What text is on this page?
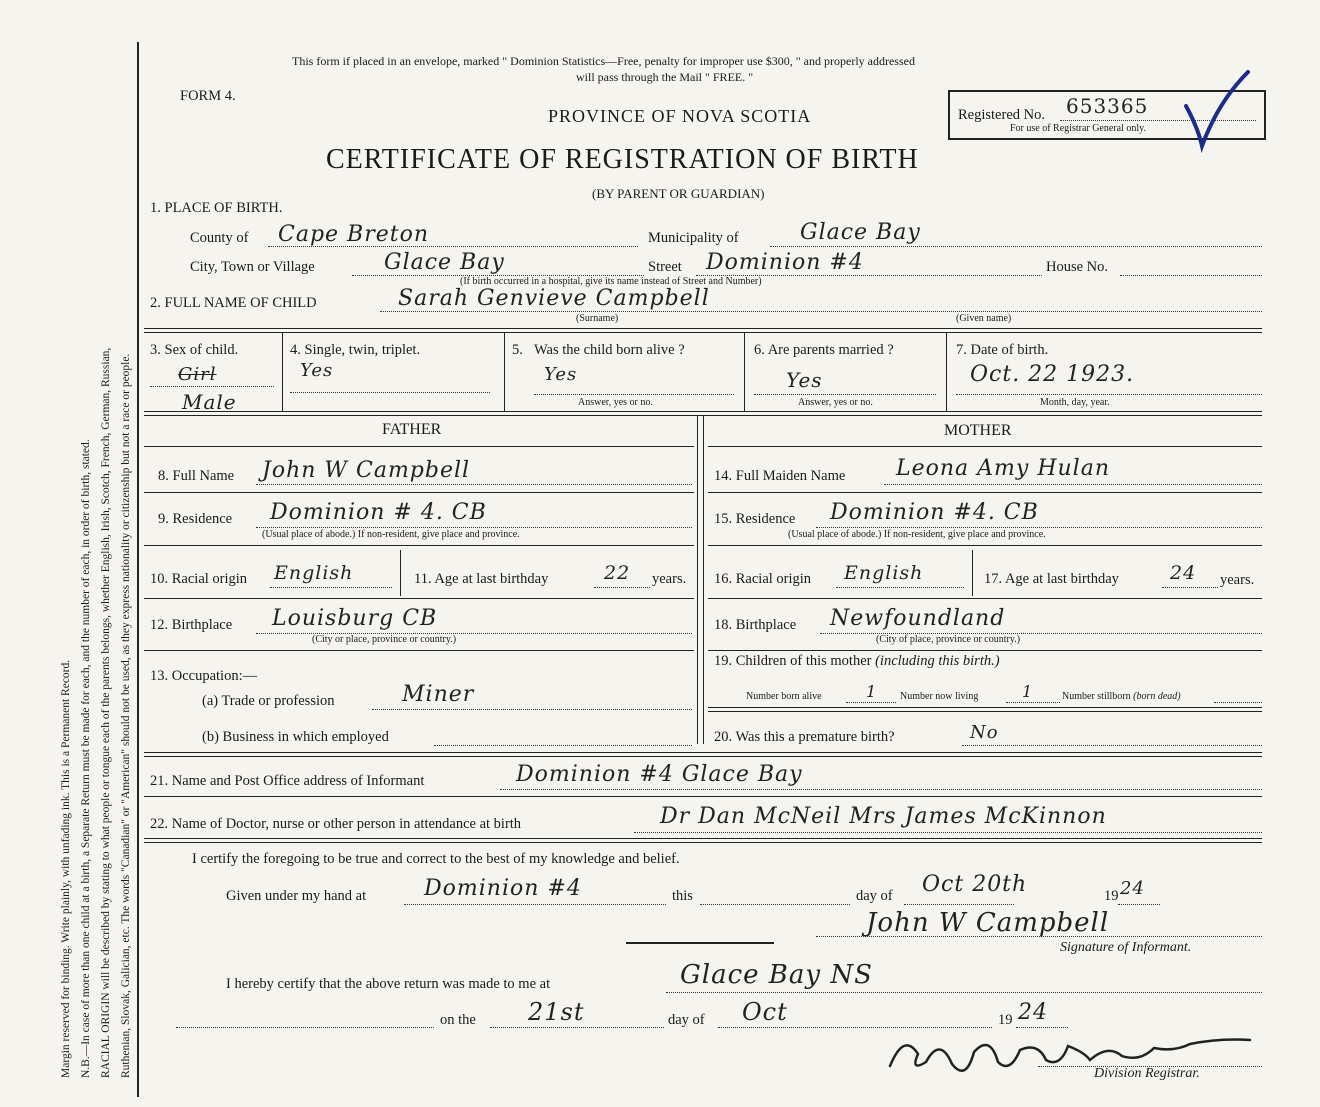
Margin reserved for binding. Write plainly, with unfading ink. This is a Permanent Record. N.B.—In case of more than one child at a birth, a Separate Return must be made for each, and the number of each, in order of birth, stated. RACIAL ORIGIN will be described by stating to what people or tongue each of the parents belongs, whether English, Irish, Scotch, French, German, Russian, Ruthenian, Slovak, Galician, etc. The words "Canadian" or "American" should not be used, as they express nationality or citizenship but not a race or people.
This form if placed in an envelope, marked " Dominion Statistics—Free, penalty for improper use $300, " and properly addressed
will pass through the Mail " FREE. "
FORM 4.
PROVINCE OF NOVA SCOTIA
CERTIFICATE OF REGISTRATION OF BIRTH
(BY PARENT OR GUARDIAN)
Registered No. 653365
For use of Registrar General only.
1. PLACE OF BIRTH.
County of Cape Breton	Municipality of	Glace Bay
City, Town or Village	Glace Bay	Street Dominion #4	House No.
(If birth occurred in a hospital, give its name instead of Street and Number)
2. FULL NAME OF CHILD	Sarah Genvieve Campbell
(Surname)	(Given name)
3. Sex of child.
Girl
Male
4. Single, twin, triplet.
Yes
5. Was the child born alive ?
Yes
Answer, yes or no.
6. Are parents married ?
Yes
Answer, yes or no.
7. Date of birth.
Oct. 22 1923.
Month, day, year.
FATHER	MOTHER
8. Full Name John W Campbell	14. Full Maiden Name Leona Amy Hulan
9. Residence Dominion # 4. CB
(Usual place of abode.) If non-resident, give place and province.
15. Residence Dominion #4. CB
(Usual place of abode.) If non-resident, give place and province.
10. Racial origin English	11. Age at last birthday	22 years. 16. Racial origin English	17. Age at last birthday	24 years.
12. Birthplace Louisburg CB
(City or place, province or country.)
18. Birthplace Newfoundland
(City of place, province or country.)
13. Occupation:—
(a) Trade or profession	Miner
(b) Business in which employed
19. Children of this mother (including this birth.)
Number born alive	1 Number now living	1	Number stillborn (born dead)
20. Was this a premature birth?	No
21. Name and Post Office address of Informant	Dominion #4 Glace Bay
22. Name of Doctor, nurse or other person in attendance at birth	Dr Dan McNeil Mrs James McKinnon
I certify the foregoing to be true and correct to the best of my knowledge and belief.
Given under my hand at	Dominion #4	this	day of Oct 20th	19 24
John W Campbell
Signature of Informant.
I hereby certify that the above return was made to me at	Glace Bay NS
on the 21st	day of Oct	19 24
Division Registrar.
